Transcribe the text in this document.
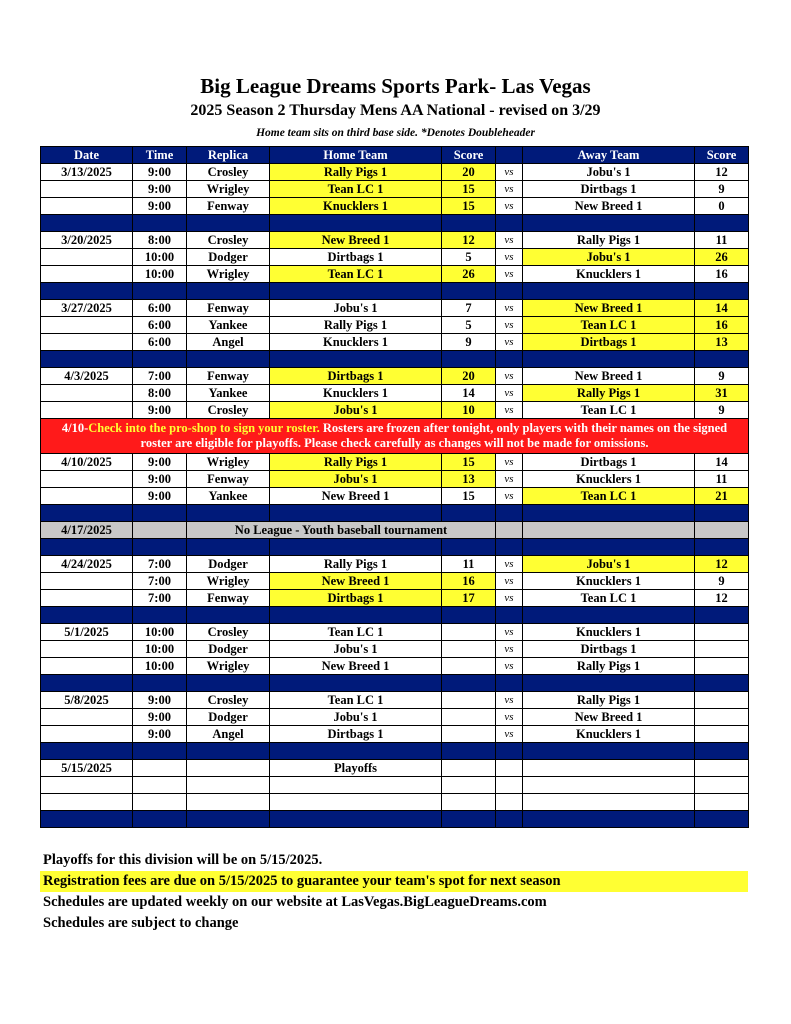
Big League Dreams Sports Park- Las Vegas
2025 Season 2 Thursday Mens AA National - revised on 3/29
Home team sits on third base side. *Denotes Doubleheader
Date	Time	Replica	Home Team	Score		Away Team	Score
3/13/2025	9:00	Crosley	Rally Pigs 1	20	vs	Jobu's 1	12
	9:00	Wrigley	Tean LC 1	15	vs	Dirtbags 1	9
	9:00	Fenway	Knucklers 1	15	vs	New Breed 1	0

3/20/2025	8:00	Crosley	New Breed 1	12	vs	Rally Pigs 1	11
	10:00	Dodger	Dirtbags 1	5	vs	Jobu's 1	26
	10:00	Wrigley	Tean LC 1	26	vs	Knucklers 1	16

3/27/2025	6:00	Fenway	Jobu's 1	7	vs	New Breed 1	14
	6:00	Yankee	Rally Pigs 1	5	vs	Tean LC 1	16
	6:00	Angel	Knucklers 1	9	vs	Dirtbags 1	13

4/3/2025	7:00	Fenway	Dirtbags 1	20	vs	New Breed 1	9
	8:00	Yankee	Knucklers 1	14	vs	Rally Pigs 1	31
	9:00	Crosley	Jobu's 1	10	vs	Tean LC 1	9
4/10-Check into the pro-shop to sign your roster. Rosters are frozen after tonight, only players with their names on the signed roster are eligible for playoffs. Please check carefully as changes will not be made for omissions.							
4/10/2025	9:00	Wrigley	Rally Pigs 1	15	vs	Dirtbags 1	14
	9:00	Fenway	Jobu's 1	13	vs	Knucklers 1	11
	9:00	Yankee	New Breed 1	15	vs	Tean LC 1	21

4/17/2025		No League - Youth baseball tournament					

4/24/2025	7:00	Dodger	Rally Pigs 1	11	vs	Jobu's 1	12
	7:00	Wrigley	New Breed 1	16	vs	Knucklers 1	9
	7:00	Fenway	Dirtbags 1	17	vs	Tean LC 1	12

5/1/2025	10:00	Crosley	Tean LC 1		vs	Knucklers 1	
	10:00	Dodger	Jobu's 1		vs	Dirtbags 1	
	10:00	Wrigley	New Breed 1		vs	Rally Pigs 1	

5/8/2025	9:00	Crosley	Tean LC 1		vs	Rally Pigs 1	
	9:00	Dodger	Jobu's 1		vs	New Breed 1	
	9:00	Angel	Dirtbags 1		vs	Knucklers 1	

5/15/2025			Playoffs				

Playoffs for this division will be on 5/15/2025.
Registration fees are due on 5/15/2025 to guarantee your team's spot for next season
Schedules are updated weekly on our website at LasVegas.BigLeagueDreams.com
Schedules are subject to change
